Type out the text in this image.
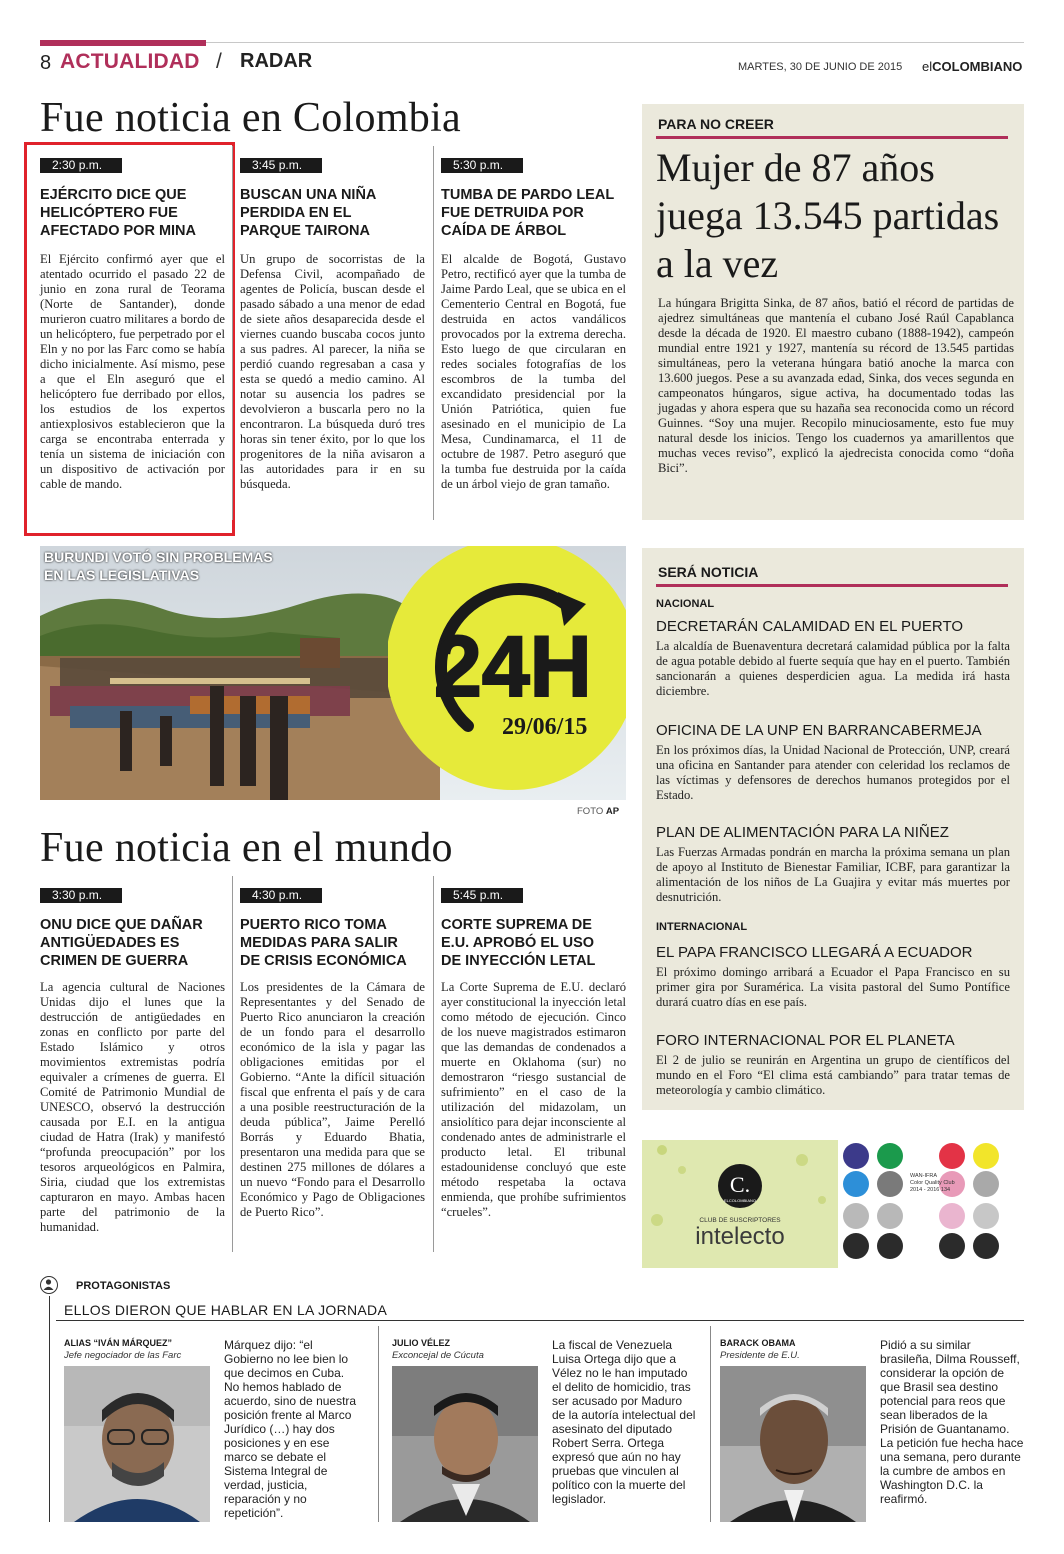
8 ACTUALIDAD / RADAR	MARTES, 30 DE JUNIO DE 2015 elCOLOMBIANO
Fue noticia en Colombia
2:30 p.m.
EJÉRCITO DICE QUE HELICÓPTERO FUE AFECTADO POR MINA
El Ejército confirmó ayer que el atentado ocurrido el pasado 22 de junio en zona rural de Teorama (Norte de Santander), donde murieron cuatro militares a bordo de un helicóptero, fue perpetrado por el Eln y no por las Farc como se había dicho inicialmente. Así mismo, pese a que el Eln aseguró que el helicóptero fue derribado por ellos, los estudios de los expertos antiexplosivos establecieron que la carga se encontraba enterrada y tenía un sistema de iniciación con un dispositivo de activación por cable de mando.
3:45 p.m.
BUSCAN UNA NIÑA PERDIDA EN EL PARQUE TAIRONA
Un grupo de socorristas de la Defensa Civil, acompañado de agentes de Policía, buscan desde el pasado sábado a una menor de edad de siete años desaparecida desde el viernes cuando buscaba cocos junto a sus padres. Al parecer, la niña se perdió cuando regresaban a casa y esta se quedó a medio camino. Al notar su ausencia los padres se devolvieron a buscarla pero no la encontraron. La búsqueda duró tres horas sin tener éxito, por lo que los progenitores de la niña avisaron a las autoridades para ir en su búsqueda.
5:30 p.m.
TUMBA DE PARDO LEAL FUE DETRUIDA POR CAÍDA DE ÁRBOL
El alcalde de Bogotá, Gustavo Petro, rectificó ayer que la tumba de Jaime Pardo Leal, que se ubica en el Cementerio Central en Bogotá, fue destruida en actos vandálicos provocados por la extrema derecha. Esto luego de que circularan en redes sociales fotografías de los escombros de la tumba del excandidato presidencial por la Unión Patriótica, quien fue asesinado en el municipio de La Mesa, Cundinamarca, el 11 de octubre de 1987. Petro aseguró que la tumba fue destruida por la caída de un árbol viejo de gran tamaño.
PARA NO CREER
Mujer de 87 años juega 13.545 partidas a la vez
La húngara Brigitta Sinka, de 87 años, batió el récord de partidas de ajedrez simultáneas que mantenía el cubano José Raúl Capablanca desde la década de 1920. El maestro cubano (1888-1942), campeón mundial entre 1921 y 1927, mantenía su récord de 13.545 partidas simultáneas, pero la veterana húngara batió anoche la marca con 13.600 juegos. Pese a su avanzada edad, Sinka, dos veces segunda en campeonatos húngaros, sigue activa, ha documentado todas las jugadas y ahora espera que su hazaña sea reconocida como un récord Guinnes. “Soy una mujer. Recopilo minuciosamente, esto fue muy natural desde los inicios. Tengo los cuadernos ya amarillentos que muchas veces reviso”, explicó la ajedrecista conocida como “doña Bici”.
BURUNDI VOTÓ SIN PROBLEMAS
EN LAS LEGISLATIVAS
24H
29/06/15
FOTO AP
Fue noticia en el mundo
3:30 p.m.
ONU DICE QUE DAÑAR ANTIGÜEDADES ES CRIMEN DE GUERRA
La agencia cultural de Naciones Unidas dijo el lunes que la destrucción de antigüedades en zonas en conflicto por parte del Estado Islámico y otros movimientos extremistas podría equivaler a crímenes de guerra. El Comité de Patrimonio Mundial de UNESCO, observó la destrucción causada por E.I. en la antigua ciudad de Hatra (Irak) y manifestó “profunda preocupación” por los tesoros arqueológicos en Palmira, Siria, ciudad que los extremistas capturaron en mayo. Ambas hacen parte del patrimonio de la humanidad.
PUERTO RICO TOMA MEDIDAS PARA SALIR DE CRISIS ECONÓMICA
4:30 p.m.
Los presidentes de la Cámara de Representantes y del Senado de Puerto Rico anunciaron la creación de un fondo para el desarrollo económico de la isla y pagar las obligaciones emitidas por el Gobierno. “Ante la difícil situación fiscal que enfrenta el país y de cara a una posible reestructuración de la deuda pública”, Jaime Perelló Borrás y Eduardo Bhatia, presentaron una medida para que se destinen 275 millones de dólares a un nuevo “Fondo para el Desarrollo Económico y Pago de Obligaciones de Puerto Rico”.
5:45 p.m.
CORTE SUPREMA DE E.U. APROBÓ EL USO DE INYECCIÓN LETAL
La Corte Suprema de E.U. declaró ayer constitucional la inyección letal como método de ejecución. Cinco de los nueve magistrados estimaron que las demandas de condenados a muerte en Oklahoma (sur) no demostraron “riesgo sustancial de sufrimiento” en el caso de la utilización del midazolam, un ansiolítico para dejar inconsciente al condenado antes de administrarle el producto letal. El tribunal estadounidense concluyó que este método respetaba la octava enmienda, que prohíbe sufrimientos “crueles”.
SERÁ NOTICIA
NACIONAL
DECRETARÁN CALAMIDAD EN EL PUERTO
La alcaldía de Buenaventura decretará calamidad pública por la falta de agua potable debido al fuerte sequía que hay en el puerto. También sancionarán a quienes desperdicien agua. La medida irá hasta diciembre.
OFICINA DE LA UNP EN BARRANCABERMEJA
En los próximos días, la Unidad Nacional de Protección, UNP, creará una oficina en Santander para atender con celeridad los reclamos de las víctimas y defensores de derechos humanos protegidos por el Estado.
PLAN DE ALIMENTACIÓN PARA LA NIÑEZ
Las Fuerzas Armadas pondrán en marcha la próxima semana un plan de apoyo al Instituto de Bienestar Familiar, ICBF, para garantizar la alimentación de los niños de La Guajira y evitar más muertes por desnutrición.
INTERNACIONAL
EL PAPA FRANCISCO LLEGARÁ A ECUADOR
El próximo domingo arribará a Ecuador el Papa Francisco en su primer gira por Suramérica. La visita pastoral del Sumo Pontífice durará cuatro días en ese país.
FORO INTERNACIONAL POR EL PLANETA
El 2 de julio se reunirán en Argentina un grupo de científicos del mundo en el Foro “El clima está cambiando” para tratar temas de meteorología y cambio climático.
C.
ELCOLOMBIANO
CLUB DE SUSCRIPTORES
intelecto
WAN-IFRA
Color Quality Club
2014 - 2016 134
PROTAGONISTAS
ELLOS DIERON QUE HABLAR EN LA JORNADA
ALIAS “IVÁN MÁRQUEZ”
Jefe negociador de las Farc
Márquez dijo: “el Gobierno no lee bien lo que decimos en Cuba. No hemos hablado de acuerdo, sino de nuestra posición frente al Marco Jurídico (…) hay dos posiciones y en ese marco se debate el Sistema Integral de verdad, justicia, reparación y no repetición”.
JULIO VÉLEZ
Exconcejal de Cúcuta
La fiscal de Venezuela Luisa Ortega dijo que a Vélez no le han imputado el delito de homicidio, tras ser acusado por Maduro de la autoría intelectual del asesinato del diputado Robert Serra. Ortega expresó que aún no hay pruebas que vinculen al político con la muerte del legislador.
BARACK OBAMA
Presidente de E.U.
Pidió a su similar brasileña, Dilma Rousseff, considerar la opción de que Brasil sea destino potencial para reos que sean liberados de la Prisión de Guantanamo. La petición fue hecha hace una semana, pero durante la cumbre de ambos en Washington D.C. la reafirmó.
